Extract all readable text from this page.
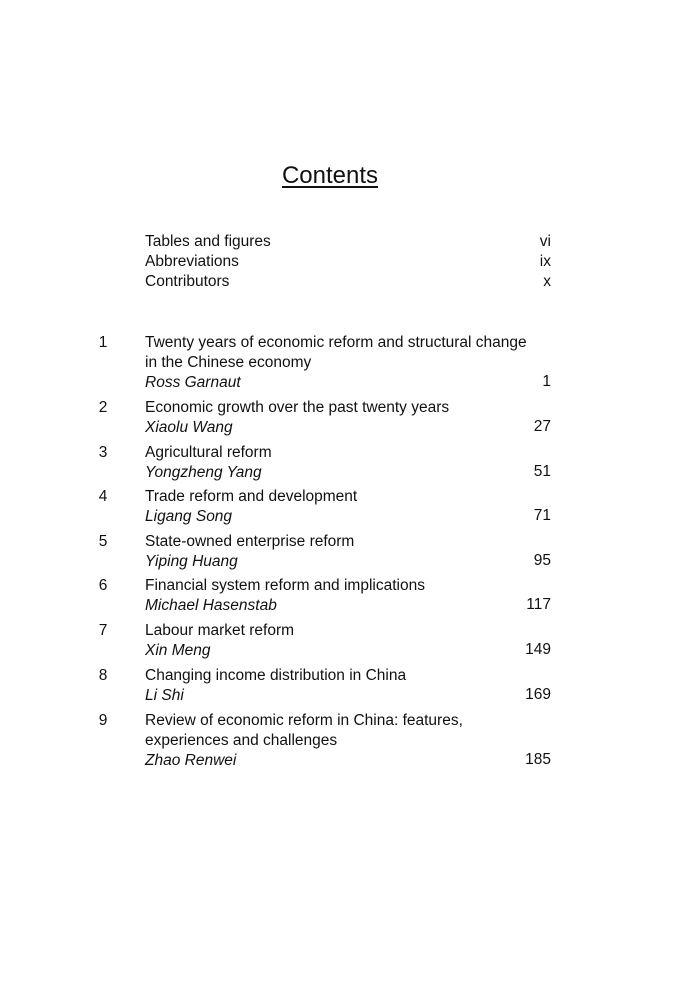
Contents
Tables and figures	vi
Abbreviations	ix
Contributors	x
1 Twenty years of economic reform and structural change
in the Chinese economy
Ross Garnaut	1
2 Economic growth over the past twenty years
Xiaolu Wang	27
3 Agricultural reform
Yongzheng Yang	51
4 Trade reform and development
Ligang Song	71
5 State-owned enterprise reform
Yiping Huang	95
6 Financial system reform and implications
Michael Hasenstab	117
7 Labour market reform
Xin Meng	149
8 Changing income distribution in China
Li Shi	169
9 Review of economic reform in China: features,
experiences and challenges
Zhao Renwei	185
